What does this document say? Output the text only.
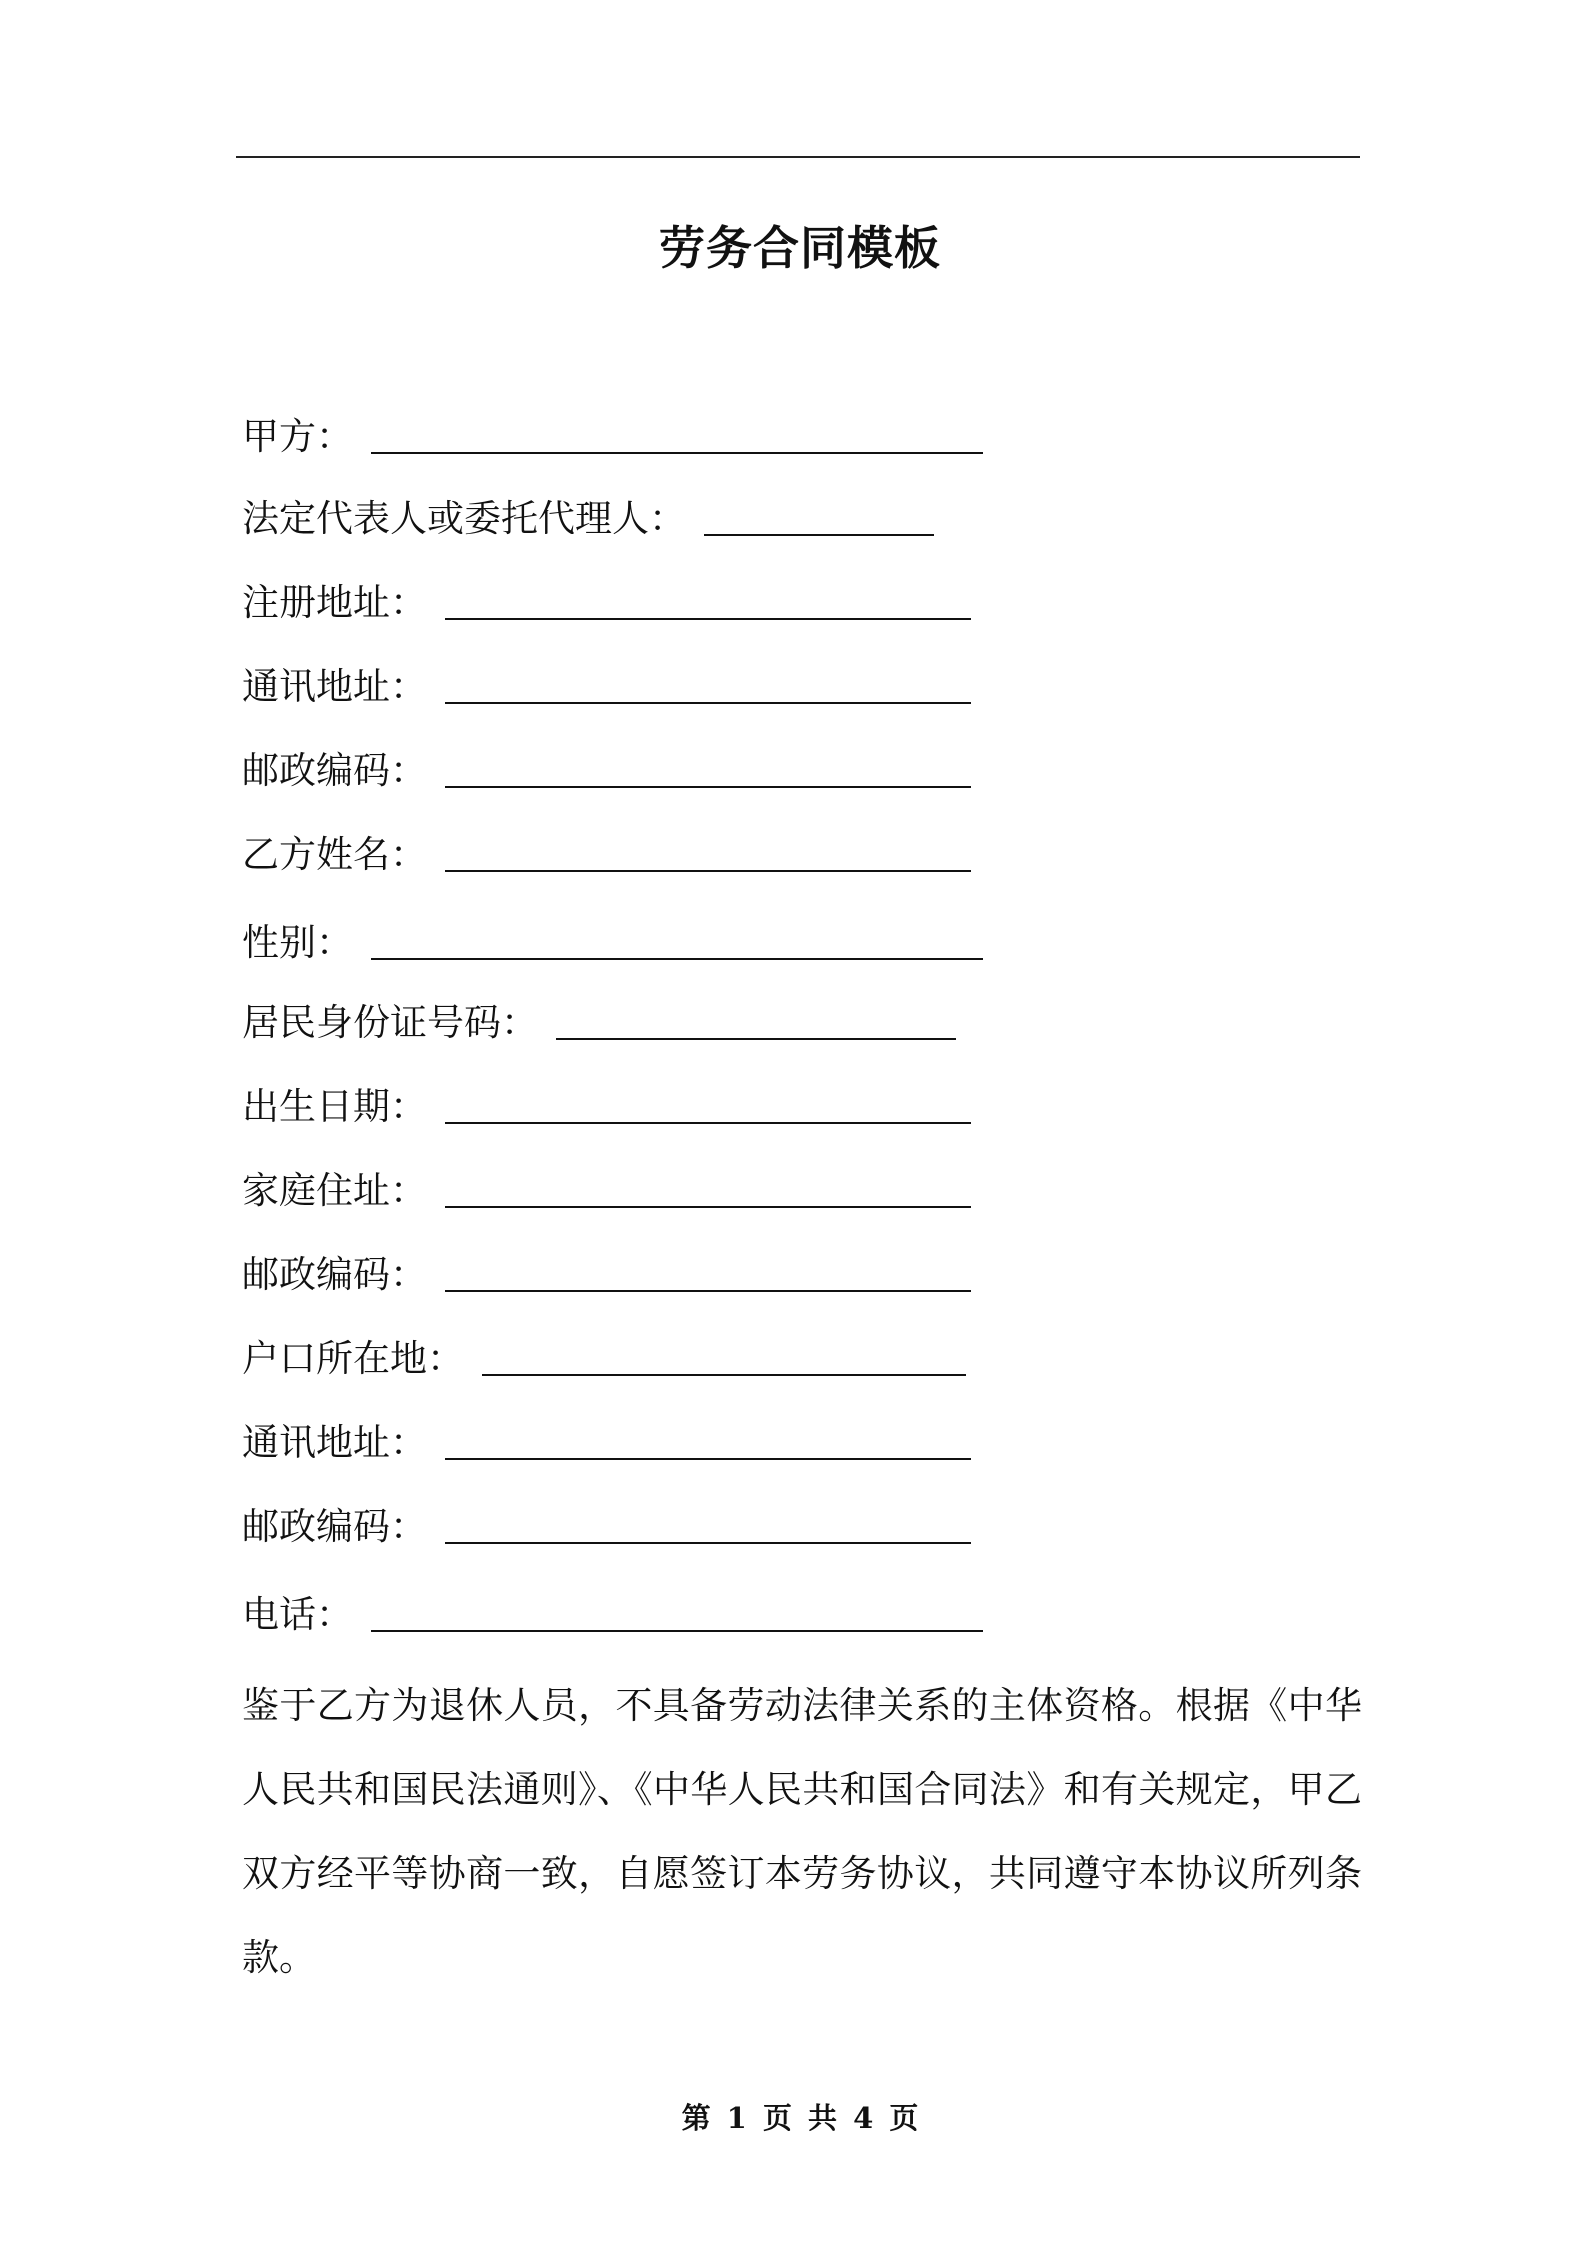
劳务合同模板
甲方：
法定代表人或委托代理人：
注册地址：
通讯地址：
邮政编码：
乙方姓名：
性别：
居民身份证号码：
出生日期：
家庭住址：
邮政编码：
户口所在地：
通讯地址：
邮政编码：
电话：
鉴于乙方为退休人员，不具备劳动法律关系的主体资格。根据《中华人民共和国民法通则》、《中华人民共和国合同法》和有关规定，甲乙双方经平等协商一致，自愿签订本劳务协议，共同遵守本协议所列条款。
第 1 页 共 4 页
